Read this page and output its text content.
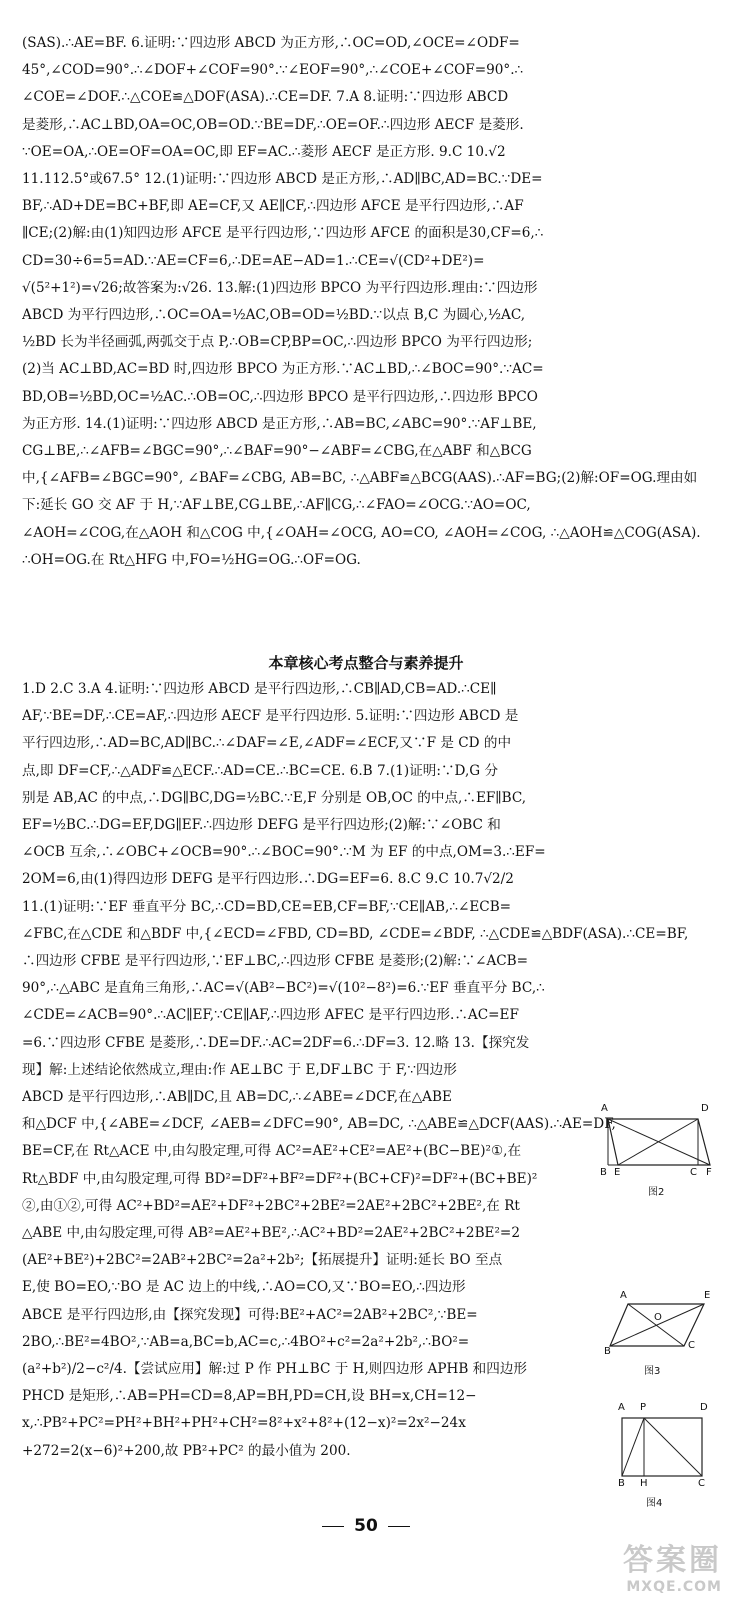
(SAS).∴AE=BF. 6.证明:∵四边形 ABCD 为正方形,∴OC=OD,∠OCE=∠ODF=
45°,∠COD=90°.∴∠DOF+∠COF=90°.∵∠EOF=90°,∴∠COE+∠COF=90°.∴
∠COE=∠DOF.∴△COE≌△DOF(ASA).∴CE=DF. 7.A 8.证明:∵四边形 ABCD
是菱形,∴AC⊥BD,OA=OC,OB=OD.∵BE=DF,∴OE=OF.∴四边形 AECF 是菱形.
∵OE=OA,∴OE=OF=OA=OC,即 EF=AC.∴菱形 AECF 是正方形. 9.C 10.√2
11.112.5°或67.5° 12.(1)证明:∵四边形 ABCD 是正方形,∴AD∥BC,AD=BC.∵DE=
BF,∴AD+DE=BC+BF,即 AE=CF,又 AE∥CF,∴四边形 AFCE 是平行四边形,∴AF
∥CE;(2)解:由(1)知四边形 AFCE 是平行四边形,∵四边形 AFCE 的面积是30,CF=6,∴
CD=30÷6=5=AD.∵AE=CF=6,∴DE=AE−AD=1.∴CE=√(CD²+DE²)=
√(5²+1²)=√26;故答案为:√26. 13.解:(1)四边形 BPCO 为平行四边形.理由:∵四边形
ABCD 为平行四边形,∴OC=OA=½AC,OB=OD=½BD.∵以点 B,C 为圆心,½AC,
½BD 长为半径画弧,两弧交于点 P,∴OB=CP,BP=OC,∴四边形 BPCO 为平行四边形;
(2)当 AC⊥BD,AC=BD 时,四边形 BPCO 为正方形.∵AC⊥BD,∴∠BOC=90°.∵AC=
BD,OB=½BD,OC=½AC.∴OB=OC,∴四边形 BPCO 是平行四边形,∴四边形 BPCO
为正方形. 14.(1)证明:∵四边形 ABCD 是正方形,∴AB=BC,∠ABC=90°.∵AF⊥BE,
CG⊥BE,∴∠AFB=∠BGC=90°,∴∠BAF=90°−∠ABF=∠CBG,在△ABF 和△BCG
中,{∠AFB=∠BGC=90°, ∠BAF=∠CBG, AB=BC, ∴△ABF≌△BCG(AAS).∴AF=BG;(2)解:OF=OG.理由如
下:延长 GO 交 AF 于 H,∵AF⊥BE,CG⊥BE,∴AF∥CG,∴∠FAO=∠OCG.∵AO=OC,
∠AOH=∠COG,在△AOH 和△COG 中,{∠OAH=∠OCG, AO=CO, ∠AOH=∠COG, ∴△AOH≌△COG(ASA).
∴OH=OG.在 Rt△HFG 中,FO=½HG=OG.∴OF=OG.
本章核心考点整合与素养提升
1.D 2.C 3.A 4.证明:∵四边形 ABCD 是平行四边形,∴CB∥AD,CB=AD.∴CE∥
AF,∵BE=DF,∴CE=AF,∴四边形 AECF 是平行四边形. 5.证明:∵四边形 ABCD 是
平行四边形,∴AD=BC,AD∥BC.∴∠DAF=∠E,∠ADF=∠ECF,又∵F 是 CD 的中
点,即 DF=CF,∴△ADF≌△ECF.∴AD=CE.∴BC=CE. 6.B 7.(1)证明:∵D,G 分
别是 AB,AC 的中点,∴DG∥BC,DG=½BC.∵E,F 分别是 OB,OC 的中点,∴EF∥BC,
EF=½BC.∴DG=EF,DG∥EF.∴四边形 DEFG 是平行四边形;(2)解:∵∠OBC 和
∠OCB 互余,∴∠OBC+∠OCB=90°.∴∠BOC=90°.∵M 为 EF 的中点,OM=3.∴EF=
2OM=6,由(1)得四边形 DEFG 是平行四边形.∴DG=EF=6. 8.C 9.C 10.7√2/2
11.(1)证明:∵EF 垂直平分 BC,∴CD=BD,CE=EB,CF=BF,∵CE∥AB,∴∠ECB=
∠FBC,在△CDE 和△BDF 中,{∠ECD=∠FBD, CD=BD, ∠CDE=∠BDF, ∴△CDE≌△BDF(ASA).∴CE=BF,
∴四边形 CFBE 是平行四边形,∵EF⊥BC,∴四边形 CFBE 是菱形;(2)解:∵∠ACB=
90°,∴△ABC 是直角三角形,∴AC=√(AB²−BC²)=√(10²−8²)=6.∵EF 垂直平分 BC,∴
∠CDE=∠ACB=90°.∴AC∥EF,∵CE∥AF,∴四边形 AFEC 是平行四边形.∴AC=EF
=6.∵四边形 CFBE 是菱形,∴DE=DF.∴AC=2DF=6.∴DF=3. 12.略 13.【探究发
现】解:上述结论依然成立,理由:作 AE⊥BC 于 E,DF⊥BC 于 F,∵四边形
ABCD 是平行四边形,∴AB∥DC,且 AB=DC,∴∠ABE=∠DCF,在△ABE
和△DCF 中,{∠ABE=∠DCF, ∠AEB=∠DFC=90°, AB=DC, ∴△ABE≌△DCF(AAS).∴AE=DF,
BE=CF,在 Rt△ACE 中,由勾股定理,可得 AC²=AE²+CE²=AE²+(BC−BE)²①,在
Rt△BDF 中,由勾股定理,可得 BD²=DF²+BF²=DF²+(BC+CF)²=DF²+(BC+BE)²
②,由①②,可得 AC²+BD²=AE²+DF²+2BC²+2BE²=2AE²+2BC²+2BE²,在 Rt
△ABE 中,由勾股定理,可得 AB²=AE²+BE²,∴AC²+BD²=2AE²+2BC²+2BE²=2
(AE²+BE²)+2BC²=2AB²+2BC²=2a²+2b²;【拓展提升】证明:延长 BO 至点
E,使 BO=EO,∵BO 是 AC 边上的中线,∴AO=CO,又∵BO=EO,∴四边形
ABCE 是平行四边形,由【探究发现】可得:BE²+AC²=2AB²+2BC²,∵BE=
2BO,∴BE²=4BO²,∵AB=a,BC=b,AC=c,∴4BO²+c²=2a²+2b²,∴BO²=
(a²+b²)/2−c²/4.【尝试应用】解:过 P 作 PH⊥BC 于 H,则四边形 APHB 和四边形
PHCD 是矩形,∴AB=PH=CD=8,AP=BH,PD=CH,设 BH=x,CH=12−
x,∴PB²+PC²=PH²+BH²+PH²+CH²=8²+x²+8²+(12−x)²=2x²−24x
+272=2(x−6)²+200,故 PB²+PC² 的最小值为 200.
A	D
B E	C F
图2
A	E
O
B
C
图3
A P	D
B H	C
图4
50
答案圈
MXQE.COM
